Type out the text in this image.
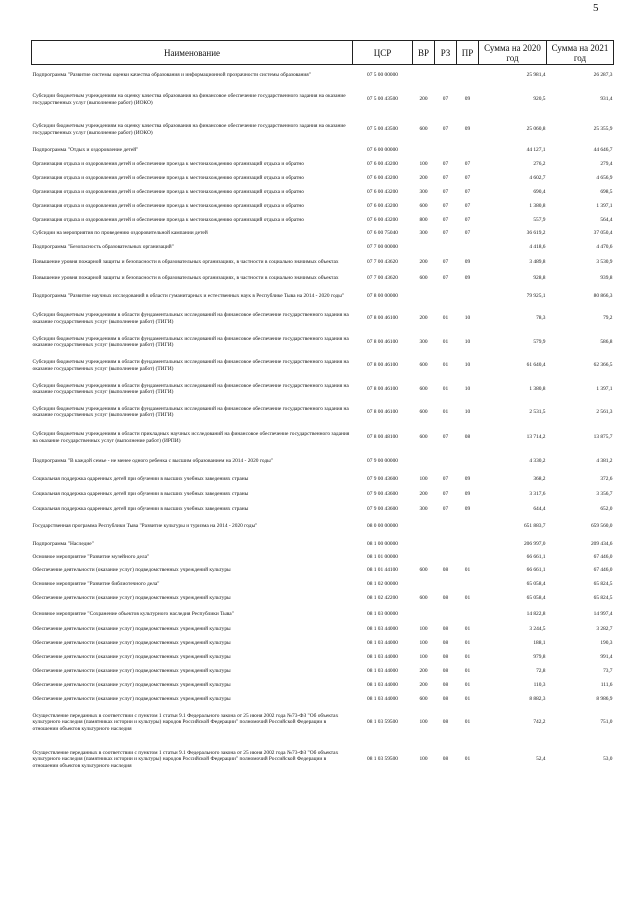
5
Наименование	ЦСР	ВР	РЗ	ПР	Сумма на 2020 год	Сумма на 2021 год
Подпрограмма "Развитие системы оценки качества образования и информационной прозрачности системы образования"	07 5 00 00000				25 981,4	26 287,3
Субсидии бюджетным учреждениям на оценку качества образования на финансовое обеспечение государственного задания на оказание государственных услуг (выполнение работ) (ИОКО)	07 5 00 43500	200	07	09	920,5	931,4
Субсидии бюджетным учреждениям на оценку качества образования на финансовое обеспечение государственного задания на оказание государственных услуг (выполнение работ) (ИОКО)	07 5 00 43500	600	07	09	25 060,8	25 355,9
Подпрограмма "Отдых и оздоровление детей"	07 6 00 00000				44 127,1	44 646,7
Организация отдыха и оздоровления детей и обеспечение проезда к местонахождению организаций отдыха и обратно	07 6 00 43200	100	07	07	276,2	279,4
Организация отдыха и оздоровления детей и обеспечение проезда к местонахождению организаций отдыха и обратно	07 6 00 43200	200	07	07	4 602,7	4 656,9
Организация отдыха и оздоровления детей и обеспечение проезда к местонахождению организаций отдыха и обратно	07 6 00 43200	300	07	07	690,4	698,5
Организация отдыха и оздоровления детей и обеспечение проезда к местонахождению организаций отдыха и обратно	07 6 00 43200	600	07	07	1 380,8	1 397,1
Организация отдыха и оздоровления детей и обеспечение проезда к местонахождению организаций отдыха и обратно	07 6 00 43200	800	07	07	557,9	564,4
Субсидии на мероприятия по проведению оздоровительной кампании детей	07 6 00 75040	300	07	07	36 619,2	37 050,4
Подпрограмма "Безопасность образовательных организаций"	07 7 00 00000				4 418,6	4 470,6
Повышение уровня пожарной защиты и безопасности в образовательных организациях, в частности в социально значимых объектах	07 7 00 43620	200	07	09	3 489,8	3 530,9
Повышение уровня пожарной защиты и безопасности в образовательных организациях, в частности в социально значимых объектах	07 7 00 43620	600	07	09	928,8	939,8
Подпрограмма "Развитие научных исследований в области гуманитарных и естественных наук в Республике Тыва на 2014 - 2020 годы"	07 8 00 00000				79 925,1	80 866,3
Субсидии бюджетным учреждениям в области фундаментальных исследований на финансовое обеспечение государственного задания на оказание государственных услуг (выполнение работ) (ТИГИ)	07 8 00 46100	200	01	10	78,3	79,2
Субсидии бюджетным учреждениям в области фундаментальных исследований на финансовое обеспечение государственного задания на оказание государственных услуг (выполнение работ) (ТИГИ)	07 8 00 46100	300	01	10	579,9	586,8
Субсидии бюджетным учреждениям в области фундаментальных исследований на финансовое обеспечение государственного задания на оказание государственных услуг (выполнение работ) (ТИГИ)	07 8 00 46100	600	01	10	61 640,4	62 366,5
Субсидии бюджетным учреждениям в области фундаментальных исследований на финансовое обеспечение государственного задания на оказание государственных услуг (выполнение работ) (ТИГИ)	07 8 00 46100	600	01	10	1 380,8	1 397,1
Субсидии бюджетным учреждениям в области фундаментальных исследований на финансовое обеспечение государственного задания на оказание государственных услуг (выполнение работ) (ТИГИ)	07 8 00 46100	600	01	10	2 531,5	2 561,3
Субсидии бюджетным учреждениям в области прикладных научных исследований на финансовое обеспечение государственного задания на оказание государственных услуг (выполнение работ) (ИРПИ)	07 8 00 48100	600	07	08	13 714,2	13 875,7
Подпрограмма "В каждой семье - не менее одного ребенка с высшим образованием на 2014 - 2020 годы"	07 9 00 00000				4 330,2	4 381,2
Социальная поддержка одаренных детей при обучении в высших учебных заведениях страны	07 9 00 43600	100	07	09	368,2	372,6
Социальная поддержка одаренных детей при обучении в высших учебных заведениях страны	07 9 00 43600	200	07	09	3 317,6	3 356,7
Социальная поддержка одаренных детей при обучении в высших учебных заведениях страны	07 9 00 43600	300	07	09	644,4	652,0
Государственная программа Республики Тыва "Развитие культуры и туризма на 2014 - 2020 годы"	08 0 00 00000				651 883,7	659 560,0
Подпрограмма "Наследие"	08 1 00 00000				206 997,0	209 434,6
Основное мероприятие "Развитие музейного дела"	08 1 01 00000				66 661,1	67 446,0
Обеспечение деятельности (оказание услуг) подведомственных учреждений культуры	08 1 01 44100	600	08	01	66 661,1	67 446,0
Основное мероприятие "Развитие библиотечного дела"	08 1 02 00000				65 058,4	65 824,5
Обеспечение деятельности (оказание услуг) подведомственных учреждений культуры	08 1 02 42200	600	08	01	65 058,4	65 824,5
Основное мероприятие "Сохранение объектов культурного наследия Республики Тыва"	08 1 03 00000				14 822,8	14 997,4
Обеспечение деятельности (оказание услуг) подведомственных учреждений культуры	08 1 03 44000	100	08	01	3 244,5	3 282,7
Обеспечение деятельности (оказание услуг) подведомственных учреждений культуры	08 1 03 44000	100	08	01	188,1	190,3
Обеспечение деятельности (оказание услуг) подведомственных учреждений культуры	08 1 03 44000	100	08	01	979,8	991,4
Обеспечение деятельности (оказание услуг) подведомственных учреждений культуры	08 1 03 44000	200	08	01	72,8	73,7
Обеспечение деятельности (оказание услуг) подведомственных учреждений культуры	08 1 03 44000	200	08	01	110,3	111,6
Обеспечение деятельности (оказание услуг) подведомственных учреждений культуры	08 1 03 44000	600	08	01	8 882,3	8 986,9
Осуществление переданных в соответствии с пунктом 1 статьи 9.1 Федерального закона от 25 июня 2002 года №73-ФЗ "Об объектах культурного наследия (памятниках истории и культуры) народов Российской Федерации" полномочий Российской Федерации в отношении объектов культурного наследия	08 1 03 59500	100	08	01	742,2	751,0
Осуществление переданных в соответствии с пунктом 1 статьи 9.1 Федерального закона от 25 июня 2002 года №73-ФЗ "Об объектах культурного наследия (памятниках истории и культуры) народов Российской Федерации" полномочий Российской Федерации в отношении объектов культурного наследия	08 1 03 59500	100	08	01	52,4	53,0
